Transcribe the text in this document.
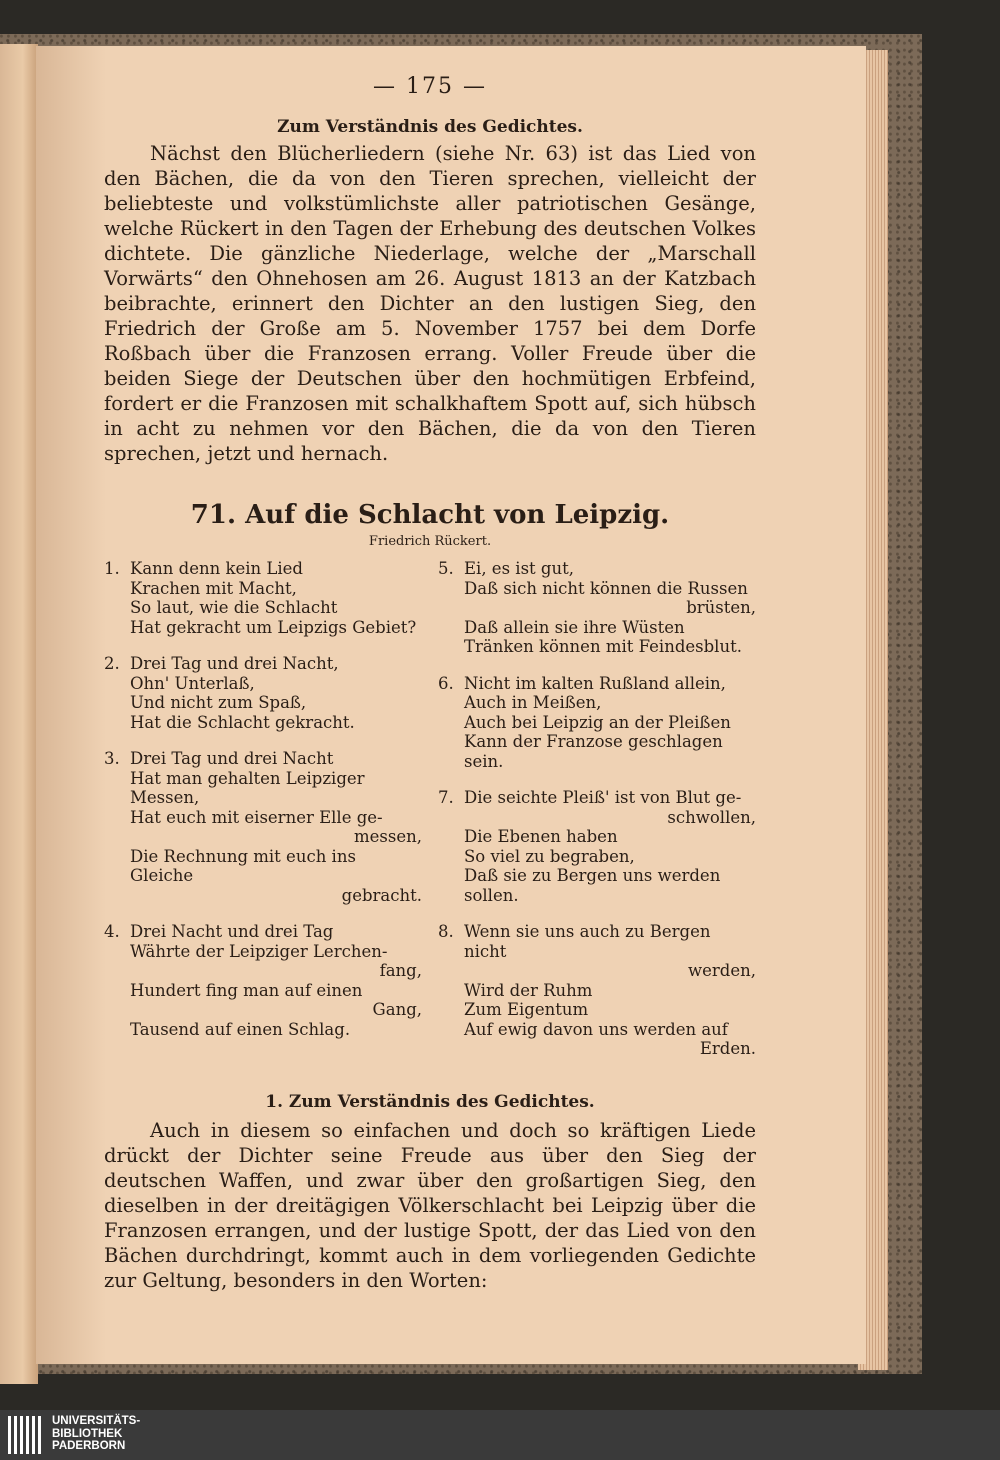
— 175 —
Zum Verständnis des Gedichtes.

Nächst den Blücherliedern (siehe Nr. 63) ist das Lied von den Bächen, die da von den Tieren sprechen, vielleicht der beliebteste und volkstümlichste aller patriotischen Gesänge, welche Rückert in den Tagen der Erhebung des deutschen Volkes dichtete. Die gänzliche Niederlage, welche der „Marschall Vorwärts“ den Ohnehosen am 26. August 1813 an der Katzbach beibrachte, erinnert den Dichter an den lustigen Sieg, den Friedrich der Große am 5. November 1757 bei dem Dorfe Roßbach über die Franzosen errang. Voller Freude über die beiden Siege der Deutschen über den hochmütigen Erbfeind, fordert er die Franzosen mit schalkhaftem Spott auf, sich hübsch in acht zu nehmen vor den Bächen, die da von den Tieren sprechen, jetzt und hernach.

71. Auf die Schlacht von Leipzig.
Friedrich Rückert.
1. Kann denn kein Lied
Krachen mit Macht,
So laut, wie die Schlacht
Hat gekracht um Leipzigs Gebiet?
2. Drei Tag und drei Nacht,
Ohn' Unterlaß,
Und nicht zum Spaß,
Hat die Schlacht gekracht.
3. Drei Tag und drei Nacht
Hat man gehalten Leipziger Messen,
Hat euch mit eiserner Elle ge-
messen,
Die Rechnung mit euch ins Gleiche
gebracht.
4. Drei Nacht und drei Tag
Währte der Leipziger Lerchen-
fang,
Hundert fing man auf einen
Gang,
Tausend auf einen Schlag.
5. Ei, es ist gut,
Daß sich nicht können die Russen
brüsten,
Daß allein sie ihre Wüsten
Tränken können mit Feindesblut.
6. Nicht im kalten Rußland allein,
Auch in Meißen,
Auch bei Leipzig an der Pleißen
Kann der Franzose geschlagen sein.
7. Die seichte Pleiß' ist von Blut ge-
schwollen,
Die Ebenen haben
So viel zu begraben,
Daß sie zu Bergen uns werden sollen.
8. Wenn sie uns auch zu Bergen nicht
werden,
Wird der Ruhm
Zum Eigentum
Auf ewig davon uns werden auf
Erden.
1. Zum Verständnis des Gedichtes.

Auch in diesem so einfachen und doch so kräftigen Liede drückt der Dichter seine Freude aus über den Sieg der deutschen Waffen, und zwar über den großartigen Sieg, den dieselben in der dreitägigen Völkerschlacht bei Leipzig über die Franzosen errangen, und der lustige Spott, der das Lied von den Bächen durchdringt, kommt auch in dem vorliegenden Gedichte zur Geltung, besonders in den Worten:

UNIVERSITÄTS-
BIBLIOTHEK
PADERBORN
